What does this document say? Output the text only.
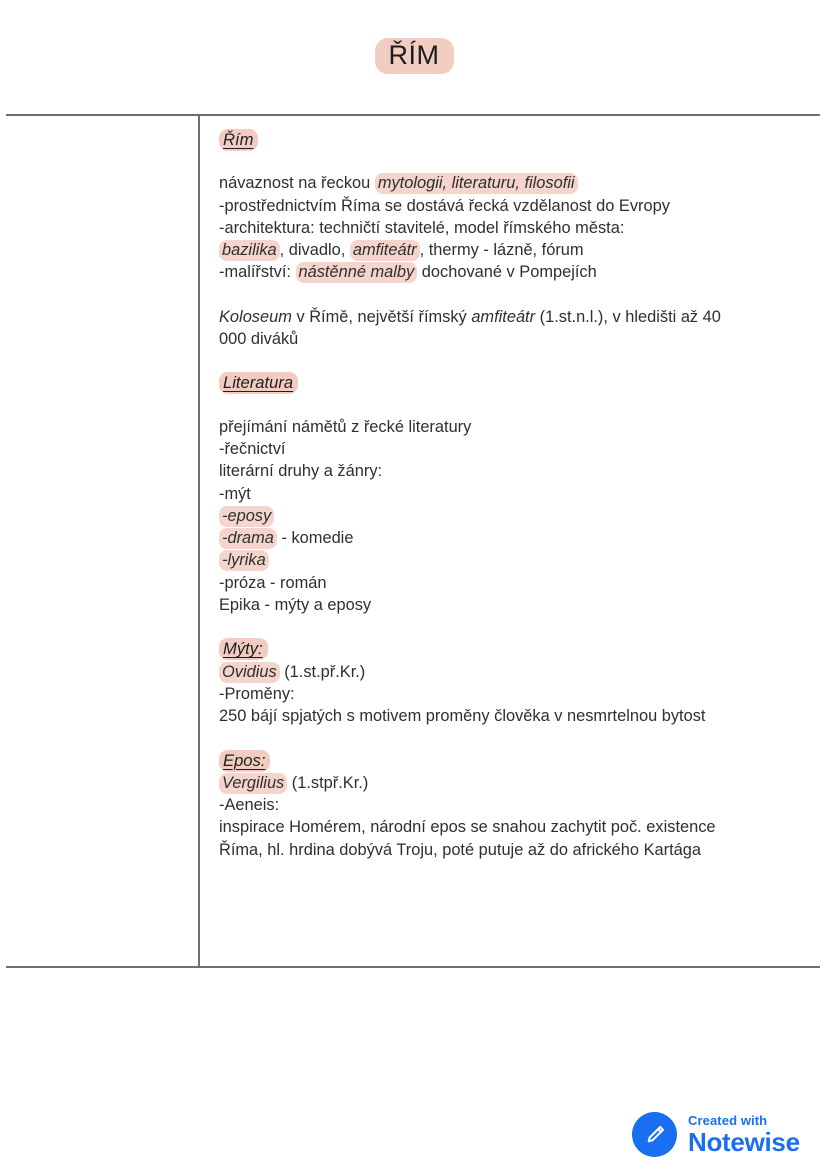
ŘÍM
Řím
návaznost na řeckou mytologii, literaturu, filosofii
-prostřednictvím Říma se dostává řecká vzdělanost do Evropy
-architektura: techničtí stavitelé, model římského města:
bazilika , divadlo, amfiteátr , thermy - lázně, fórum
-malířství: nástěnné malby dochované v Pompejích
Koloseum v Římě, největší římský amfiteátr (1.st.n.l.), v hledišti až 40 000 diváků
Literatura
přejímání námětů z řecké literatury
-řečnictví
literární druhy a žánry:
-mýt
-eposy
-drama - komedie
-lyrika
-próza - román
Epika - mýty a eposy
Mýty:
Ovidius (1.st.př.Kr.)
-Proměny:
250 bájí spjatých s motivem proměny člověka v nesmrtelnou bytost
Epos:
Vergilius (1.stpř.Kr.)
-Aeneis:
inspirace Homérem, národní epos se snahou zachytit poč. existence Říma, hl. hrdina dobývá Troju, poté putuje až do afrického Kartága
Created with
Notewise
